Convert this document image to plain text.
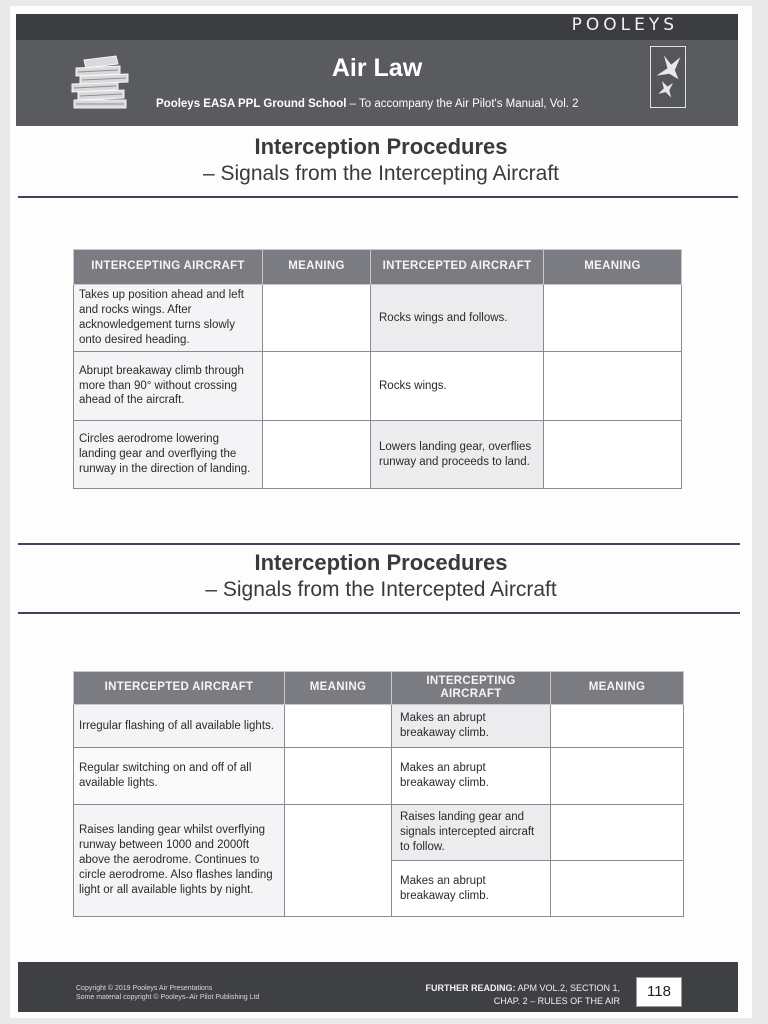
POOLEYS
Air Law
Pooleys EASA PPL Ground School – To accompany the Air Pilot's Manual, Vol. 2
Interception Procedures
– Signals from the Intercepting Aircraft
INTERCEPTING AIRCRAFT	MEANING	INTERCEPTED AIRCRAFT	MEANING
Takes up position ahead and left and rocks wings. After acknowledgement turns slowly onto desired heading.		Rocks wings and follows.	
Abrupt breakaway climb through more than 90° without crossing ahead of the aircraft.		Rocks wings.	
Circles aerodrome lowering landing gear and overflying the runway in the direction of landing.		Lowers landing gear, overflies runway and proceeds to land.	
Interception Procedures
– Signals from the Intercepted Aircraft
INTERCEPTED AIRCRAFT	MEANING	INTERCEPTING AIRCRAFT	MEANING
Irregular flashing of all available lights.		Makes an abrupt breakaway climb.	
Regular switching on and off of all available lights.		Makes an abrupt breakaway climb.	
Raises landing gear whilst overflying runway between 1000 and 2000ft above the aerodrome. Continues to circle aerodrome. Also flashes landing light or all available lights by night.		Raises landing gear and signals intercepted aircraft to follow.	
		Makes an abrupt breakaway climb.	
Copyright © 2019 Pooleys Air Presentations
Some material copyright © Pooleys–Air Pilot Publishing Ltd
FURTHER READING: APM VOL.2, SECTION 1,
CHAP. 2 – RULES OF THE AIR
118
